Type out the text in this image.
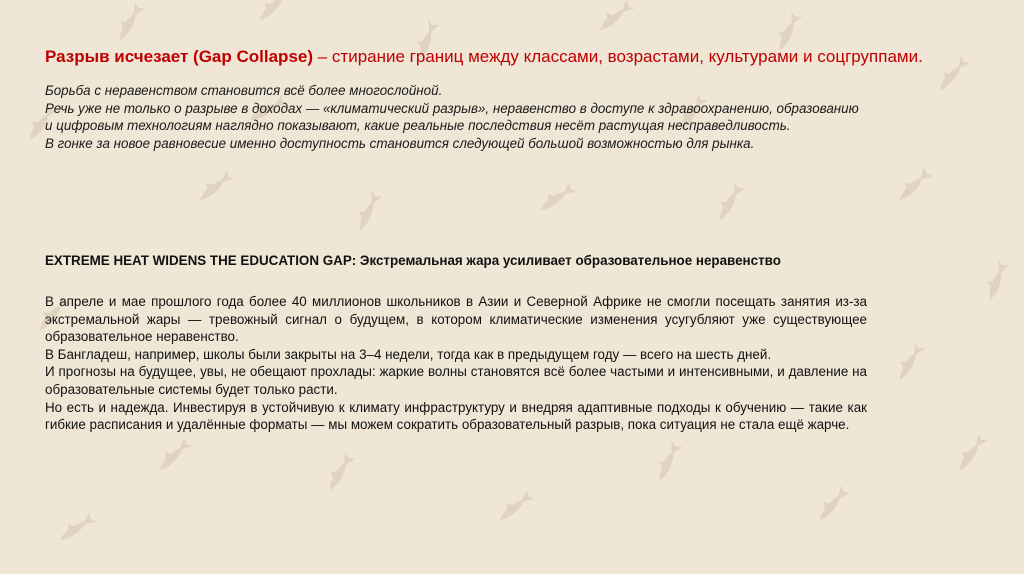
Разрыв исчезает (Gap Collapse) – стирание границ между классами, возрастами, культурами и соцгруппами.

Борьба с неравенством становится всё более многослойной.
Речь уже не только о разрыве в доходах — «климатический разрыв», неравенство в доступе к здравоохранению, образованию
и цифровым технологиям наглядно показывают, какие реальные последствия несёт растущая несправедливость.
В гонке за новое равновесие именно доступность становится следующей большой возможностью для рынка.
EXTREME HEAT WIDENS THE EDUCATION GAP: Экстремальная жара усиливает образовательное неравенство

В апреле и мае прошлого года более 40 миллионов школьников в Азии и Северной Африке не смогли посещать занятия из-за экстремальной жары — тревожный сигнал о будущем, в котором климатические изменения усугубляют уже существующее образовательное неравенство.

В Бангладеш, например, школы были закрыты на 3–4 недели, тогда как в предыдущем году — всего на шесть дней.

И прогнозы на будущее, увы, не обещают прохлады: жаркие волны становятся всё более частыми и интенсивными, и давление на образовательные системы будет только расти.

Но есть и надежда. Инвестируя в устойчивую к климату инфраструктуру и внедряя адаптивные подходы к обучению — такие как гибкие расписания и удалённые форматы — мы можем сократить образовательный разрыв, пока ситуация не стала ещё жарче.
